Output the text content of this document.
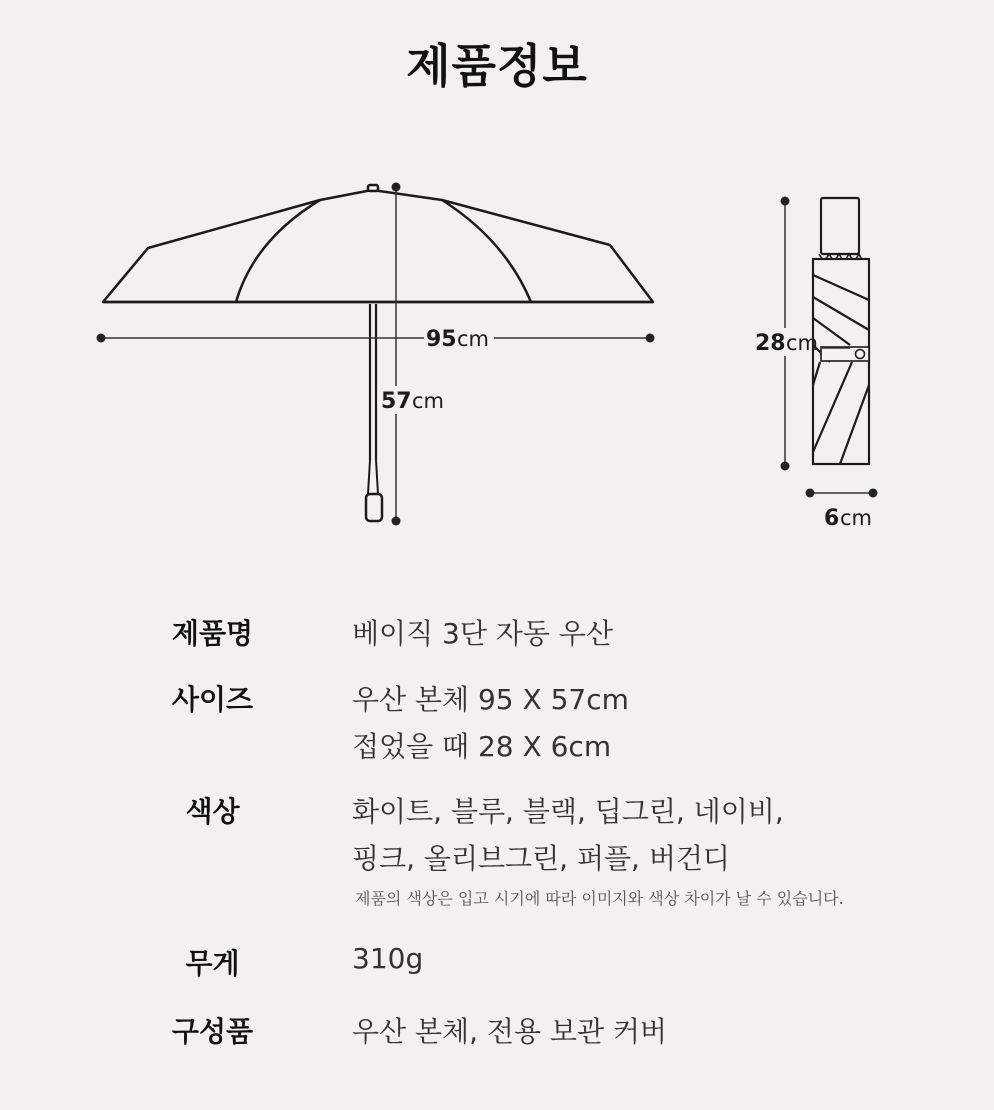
제품정보
95 cm
57 cm
28 cm
6 cm
제품명	베이직 3단 자동 우산
사이즈	우산 본체 95 X 57cm
접었을 때 28 X 6cm
색상	화이트, 블루, 블랙, 딥그린, 네이비,
핑크, 올리브그린, 퍼플, 버건디
제품의 색상은 입고 시기에 따라 이미지와 색상 차이가 날 수 있습니다.
무게	310g
구성품	우산 본체, 전용 보관 커버
